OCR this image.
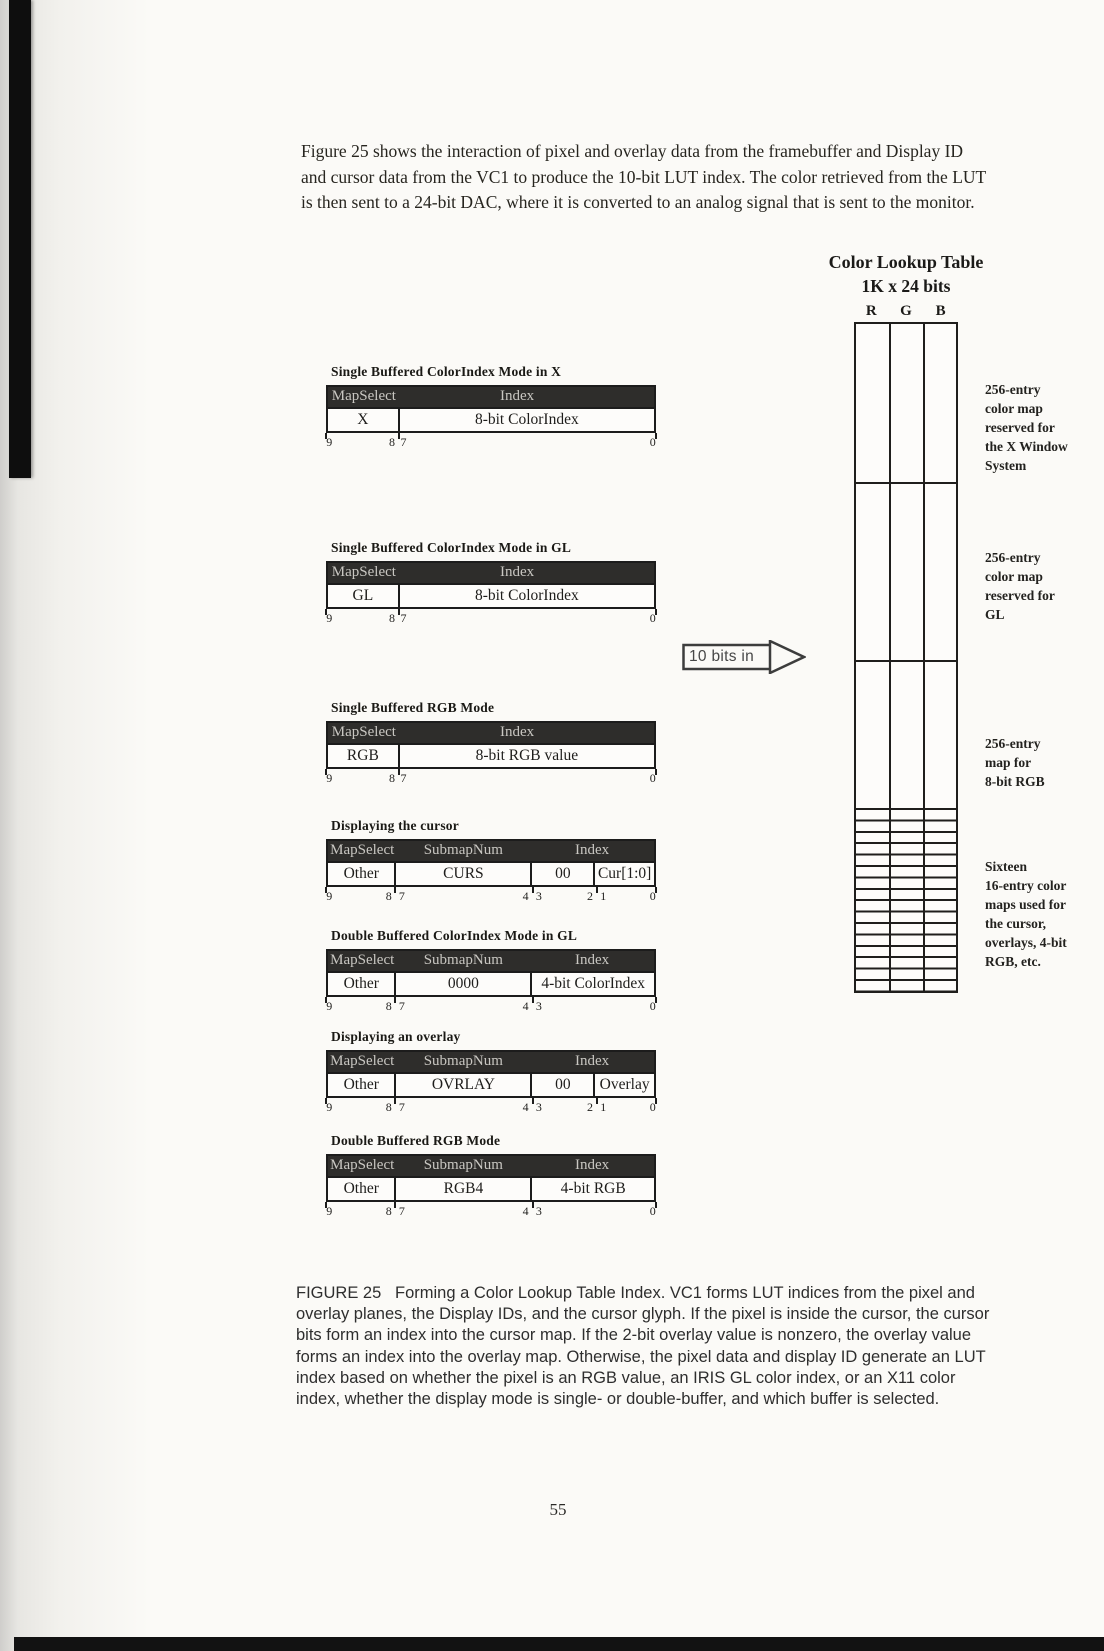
Figure 25 shows the interaction of pixel and overlay data from the framebuffer and Display ID
and cursor data from the VC1 to produce the 10-bit LUT index. The color retrieved from the LUT
is then sent to a 24-bit DAC, where it is converted to an analog signal that is sent to the monitor.
Single Buffered ColorIndex Mode in X
MapSelect	Index
X	8-bit ColorIndex
9	8 7	0
Single Buffered ColorIndex Mode in GL
MapSelect	Index
GL	8-bit ColorIndex
9	8 7	0
Single Buffered RGB Mode
MapSelect	Index
RGB	8-bit RGB value
9	8 7	0
Displaying the cursor
MapSelect SubmapNum	Index
Other	CURS	00	Cur[1:0]
9	8 7	4 3	2 1	0
Double Buffered ColorIndex Mode in GL
MapSelect SubmapNum	Index
Other	0000	4-bit ColorIndex
9	8 7	4 3	0
Displaying an overlay
MapSelect SubmapNum	Index
Other	OVRLAY	00	Overlay
9	8 7	4 3	2 1	0
Double Buffered RGB Mode
MapSelect SubmapNum	Index
Other	RGB4	4-bit RGB
9	8 7	4 3	0
10 bits in
Color Lookup Table
1K x 24 bits
R	G	B
256-entry
color map
reserved for
the X Window
System
256-entry
color map
reserved for
GL
256-entry
map for
8-bit RGB
Sixteen
16-entry color
maps used for
the cursor,
overlays, 4-bit
RGB, etc.
FIGURE 25   Forming a Color Lookup Table Index. VC1 forms LUT indices from the pixel and
overlay planes, the Display IDs, and the cursor glyph. If the pixel is inside the cursor, the cursor
bits form an index into the cursor map. If the 2-bit overlay value is nonzero, the overlay value
forms an index into the overlay map. Otherwise, the pixel data and display ID generate an LUT
index based on whether the pixel is an RGB value, an IRIS GL color index, or an X11 color
index, whether the display mode is single- or double-buffer, and which buffer is selected.
55
